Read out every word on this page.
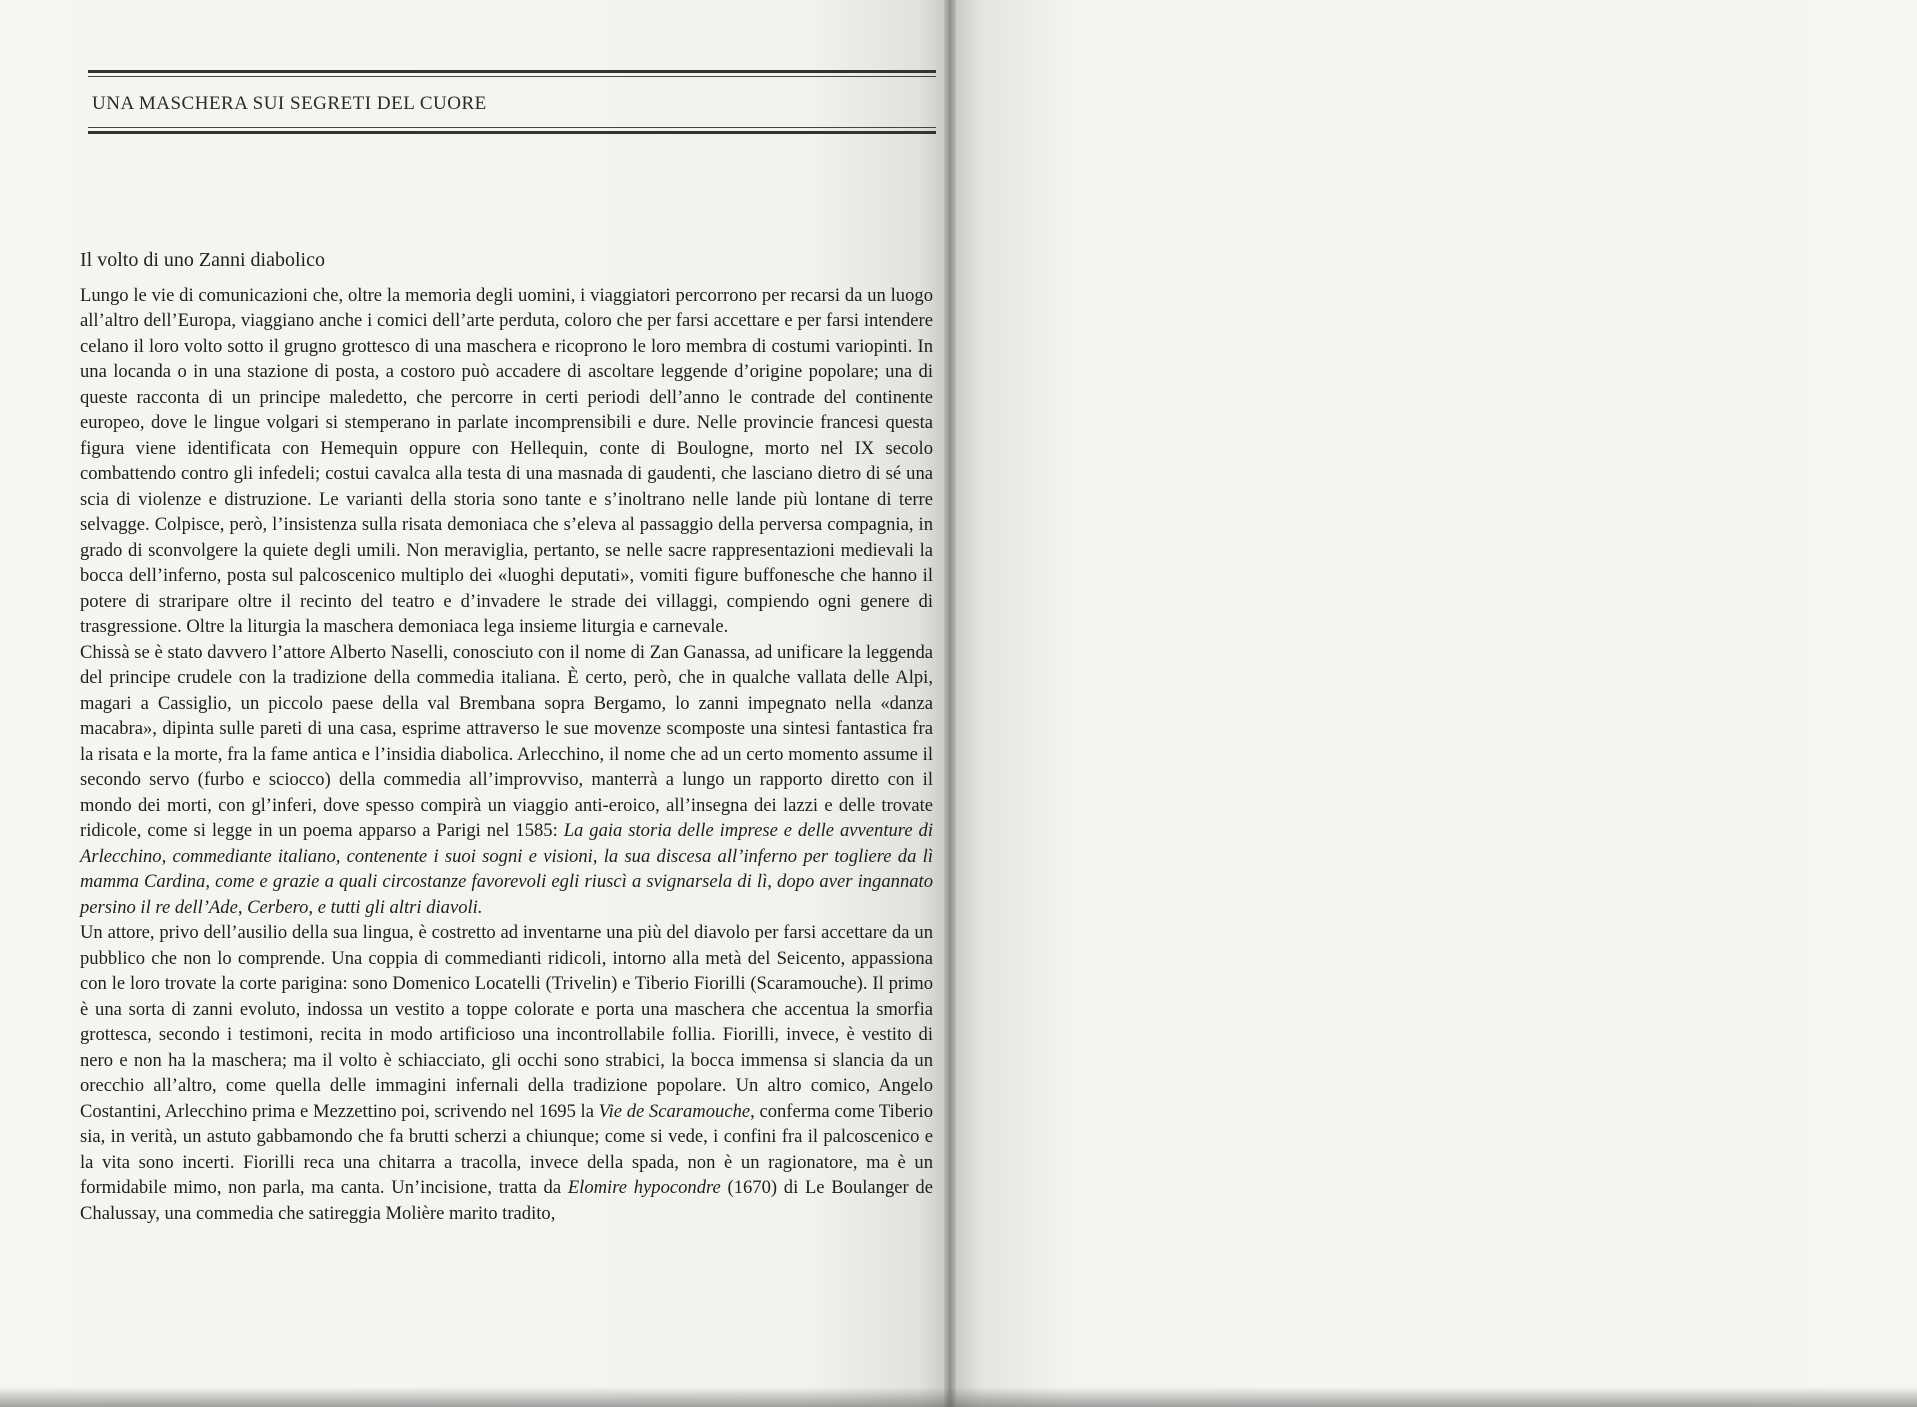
UNA MASCHERA SUI SEGRETI DEL CUORE
Il volto di uno Zanni diabolico

Lungo le vie di comunicazioni che, oltre la memoria degli uomini, i viaggiatori percorrono per recarsi da un luogo all’altro dell’Europa, viaggiano anche i comici dell’arte perduta, coloro che per farsi accettare e per farsi intendere celano il loro volto sotto il grugno grottesco di una maschera e ricoprono le loro membra di costumi variopinti. In una locanda o in una stazione di posta, a costoro può accadere di ascoltare leggende d’origine popolare; una di queste racconta di un principe maledetto, che percorre in certi periodi dell’anno le contrade del continente europeo, dove le lingue volgari si stemperano in parlate incomprensibili e dure. Nelle provincie francesi questa figura viene identificata con Hemequin oppure con Hellequin, conte di Boulogne, morto nel IX secolo combattendo contro gli infedeli; costui cavalca alla testa di una masnada di gaudenti, che lasciano dietro di sé una scia di violenze e distruzione. Le varianti della storia sono tante e s’inoltrano nelle lande più lontane di terre selvagge. Colpisce, però, l’insistenza sulla risata demoniaca che s’eleva al passaggio della perversa compagnia, in grado di sconvolgere la quiete degli umili. Non meraviglia, pertanto, se nelle sacre rappresentazioni medievali la bocca dell’inferno, posta sul palcoscenico multiplo dei «luoghi deputati», vomiti figure buffonesche che hanno il potere di straripare oltre il recinto del teatro e d’invadere le strade dei villaggi, compiendo ogni genere di trasgressione. Oltre la liturgia la maschera demoniaca lega insieme liturgia e carnevale.

Chissà se è stato davvero l’attore Alberto Naselli, conosciuto con il nome di Zan Ganassa, ad unificare la leggenda del principe crudele con la tradizione della commedia italiana. È certo, però, che in qualche vallata delle Alpi, magari a Cassiglio, un piccolo paese della val Brembana sopra Bergamo, lo zanni impegnato nella «danza macabra», dipinta sulle pareti di una casa, esprime attraverso le sue movenze scomposte una sintesi fantastica fra la risata e la morte, fra la fame antica e l’insidia diabolica. Arlecchino, il nome che ad un certo momento assume il secondo servo (furbo e sciocco) della commedia all’improvviso, manterrà a lungo un rapporto diretto con il mondo dei morti, con gl’inferi, dove spesso compirà un viaggio anti-eroico, all’insegna dei lazzi e delle trovate ridicole, come si legge in un poema apparso a Parigi nel 1585: La gaia storia delle imprese e delle avventure di Arlecchino, commediante italiano, contenente i suoi sogni e visioni, la sua discesa all’inferno per togliere da lì mamma Cardina, come e grazie a quali circostanze favorevoli egli riuscì a svignarsela di lì, dopo aver ingannato persino il re dell’Ade, Cerbero, e tutti gli altri diavoli.

Un attore, privo dell’ausilio della sua lingua, è costretto ad inventarne una più del diavolo per farsi accettare da un pubblico che non lo comprende. Una coppia di commedianti ridicoli, intorno alla metà del Seicento, appassiona con le loro trovate la corte parigina: sono Domenico Locatelli (Trivelin) e Tiberio Fiorilli (Scaramouche). Il primo è una sorta di zanni evoluto, indossa un vestito a toppe colorate e porta una maschera che accentua la smorfia grottesca, secondo i testimoni, recita in modo artificioso una incontrollabile follia. Fiorilli, invece, è vestito di nero e non ha la maschera; ma il volto è schiacciato, gli occhi sono strabici, la bocca immensa si slancia da un orecchio all’altro, come quella delle immagini infernali della tradizione popolare. Un altro comico, Angelo Costantini, Arlecchino prima e Mezzettino poi, scrivendo nel 1695 la Vie de Scaramouche, conferma come Tiberio sia, in verità, un astuto gabbamondo che fa brutti scherzi a chiunque; come si vede, i confini fra il palcoscenico e la vita sono incerti. Fiorilli reca una chitarra a tracolla, invece della spada, non è un ragionatore, ma è un formidabile mimo, non parla, ma canta. Un’incisione, tratta da Elomire hypocondre (1670) di Le Boulanger de Chalussay, una commedia che satireggia Molière marito tradito,
